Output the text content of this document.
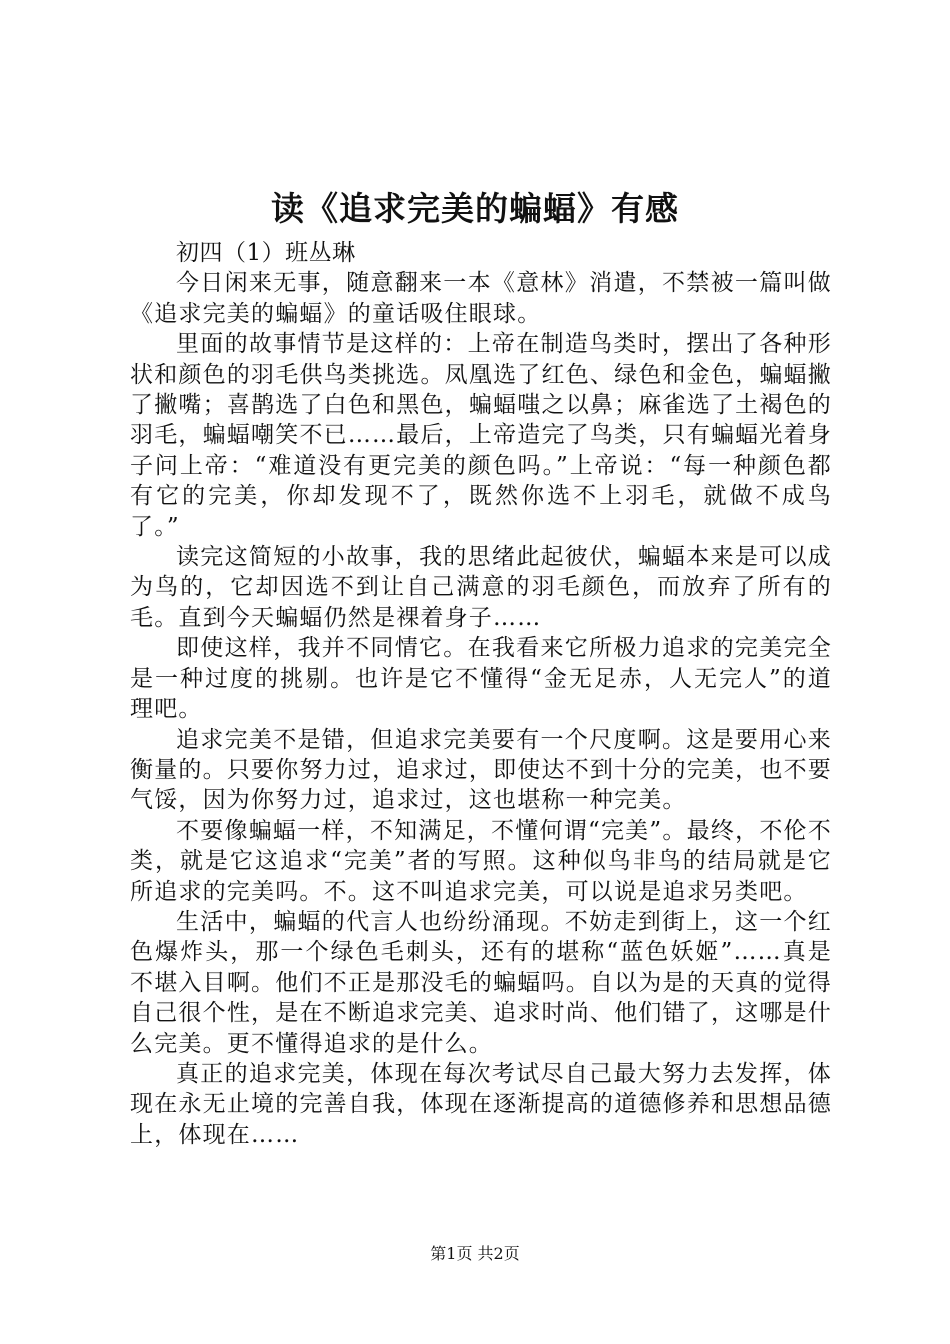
读《追求完美的蝙蝠》有感

初四（1）班丛琳

今日闲来无事，随意翻来一本《意林》消遣，不禁被一篇叫做《追求完美的蝙蝠》的童话吸住眼球。

里面的故事情节是这样的：上帝在制造鸟类时，摆出了各种形状和颜色的羽毛供鸟类挑选。凤凰选了红色、绿色和金色，蝙蝠撇了撇嘴；喜鹊选了白色和黑色，蝙蝠嗤之以鼻；麻雀选了土褐色的羽毛，蝙蝠嘲笑不已……最后，上帝造完了鸟类，只有蝙蝠光着身子问上帝：“难道没有更完美的颜色吗。”上帝说：“每一种颜色都有它的完美，你却发现不了，既然你选不上羽毛，就做不成鸟了。”

读完这简短的小故事，我的思绪此起彼伏，蝙蝠本来是可以成为鸟的，它却因选不到让自己满意的羽毛颜色，而放弃了所有的毛。直到今天蝙蝠仍然是裸着身子……

即使这样，我并不同情它。在我看来它所极力追求的完美完全是一种过度的挑剔。也许是它不懂得“金无足赤，人无完人”的道理吧。

追求完美不是错，但追求完美要有一个尺度啊。这是要用心来衡量的。只要你努力过，追求过，即使达不到十分的完美，也不要气馁，因为你努力过，追求过，这也堪称一种完美。

不要像蝙蝠一样，不知满足，不懂何谓“完美”。最终，不伦不类，就是它这追求“完美”者的写照。这种似鸟非鸟的结局就是它所追求的完美吗。不。这不叫追求完美，可以说是追求另类吧。

生活中，蝙蝠的代言人也纷纷涌现。不妨走到街上，这一个红色爆炸头，那一个绿色毛刺头，还有的堪称“蓝色妖姬”……真是不堪入目啊。他们不正是那没毛的蝙蝠吗。自以为是的天真的觉得自己很个性，是在不断追求完美、追求时尚、他们错了，这哪是什么完美。更不懂得追求的是什么。

真正的追求完美，体现在每次考试尽自己最大努力去发挥，体现在永无止境的完善自我，体现在逐渐提高的道德修养和思想品德上，体现在……

第1页 共2页
